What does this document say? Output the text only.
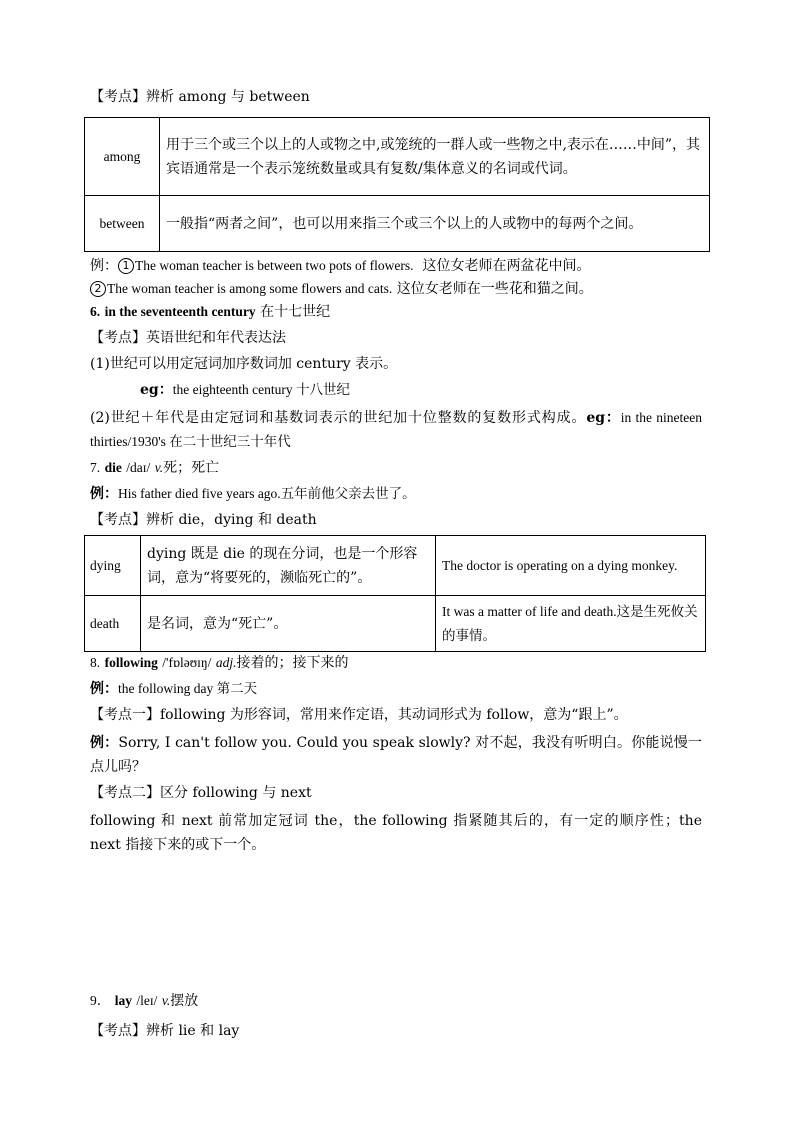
【考点】辨析 among 与 between
among	用于三个或三个以上的人或物之中,或笼统的一群人或一些物之中,表示在……中间”，其宾语通常是一个表示笼统数量或具有复数/集体意义的名词或代词。
between	一般指“两者之间”，也可以用来指三个或三个以上的人或物中的每两个之间。
例： 1 The woman teacher is between two pots of flowers. 这位女老师在两盆花中间。
2 The woman teacher is among some flowers and cats. 这位女老师在一些花和猫之间。
6. in the seventeenth century 在十七世纪
【考点】英语世纪和年代表达法
(1)世纪可以用定冠词加序数词加 century 表示。
eg：the eighteenth century 十八世纪
(2)世纪＋年代是由定冠词和基数词表示的世纪加十位整数的复数形式构成。eg：in the nineteen thirties/1930's 在二十世纪三十年代
7. die /daɪ/ v.死；死亡
例：His father died five years ago.五年前他父亲去世了。
【考点】辨析 die，dying 和 death
dying	dying 既是 die 的现在分词，也是一个形容词，意为“将要死的，濒临死亡的”。	The doctor is operating on a dying monkey.
death	是名词，意为“死亡”。	It was a matter of life and death.这是生死攸关的事情。
8. following /'fɒləʊɪŋ/ adj.接着的；接下来的
例：the following day 第二天
【考点一】following 为形容词，常用来作定语，其动词形式为 follow，意为“跟上”。
例：Sorry, I can't follow you. Could you speak slowly? 对不起，我没有听明白。你能说慢一点儿吗？
【考点二】区分 following 与 next
following 和 next 前常加定冠词 the，the following 指紧随其后的，有一定的顺序性；the next 指接下来的或下一个。
9． lay /leɪ/ v.摆放
【考点】辨析 lie 和 lay
